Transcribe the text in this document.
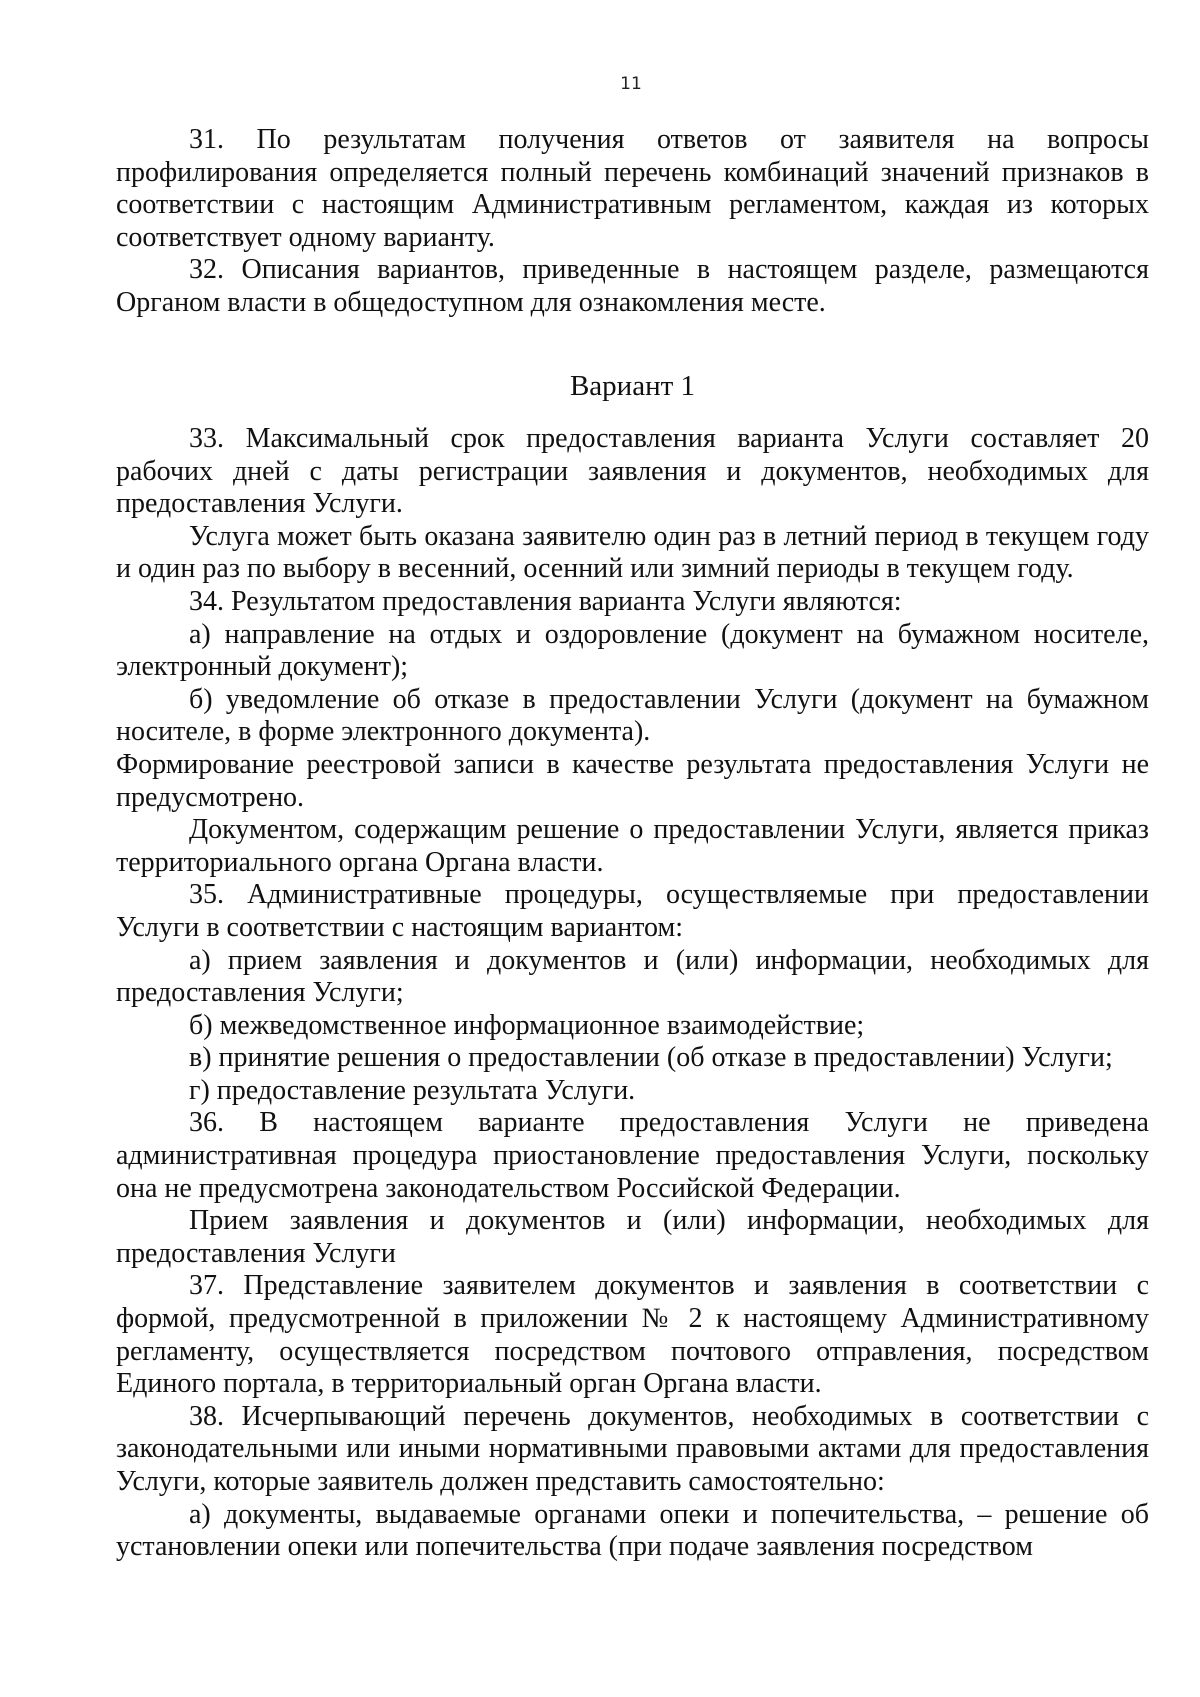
11

31. По результатам получения ответов от заявителя на вопросы профилирования определяется полный перечень комбинаций значений признаков в соответствии с настоящим Административным регламентом, каждая из которых соответствует одному варианту.

32. Описания вариантов, приведенные в настоящем разделе, размещаются Органом власти в общедоступном для ознакомления месте.

Вариант 1

33. Максимальный срок предоставления варианта Услуги составляет 20 рабочих дней с даты регистрации заявления и документов, необходимых для предоставления Услуги.

Услуга может быть оказана заявителю один раз в летний период в текущем году и один раз по выбору в весенний, осенний или зимний периоды в текущем году.

34. Результатом предоставления варианта Услуги являются:

а) направление на отдых и оздоровление (документ на бумажном носителе, электронный документ);

б) уведомление об отказе в предоставлении Услуги (документ на бумажном носителе, в форме электронного документа).

Формирование реестровой записи в качестве результата предоставления Услуги не предусмотрено.

Документом, содержащим решение о предоставлении Услуги, является приказ территориального органа Органа власти.

35. Административные процедуры, осуществляемые при предоставлении Услуги в соответствии с настоящим вариантом:

а) прием заявления и документов и (или) информации, необходимых для предоставления Услуги;

б) межведомственное информационное взаимодействие;

в) принятие решения о предоставлении (об отказе в предоставлении) Услуги;

г) предоставление результата Услуги.

36. В настоящем варианте предоставления Услуги не приведена административная процедура приостановление предоставления Услуги, поскольку она не предусмотрена законодательством Российской Федерации.

Прием заявления и документов и (или) информации, необходимых для предоставления Услуги

37. Представление заявителем документов и заявления в соответствии с формой, предусмотренной в приложении № 2 к настоящему Административному регламенту, осуществляется посредством почтового отправления, посредством Единого портала, в территориальный орган Органа власти.

38. Исчерпывающий перечень документов, необходимых в соответствии с законодательными или иными нормативными правовыми актами для предоставления Услуги, которые заявитель должен представить самостоятельно:

а) документы, выдаваемые органами опеки и попечительства, – решение об установлении опеки или попечительства (при подаче заявления посредством
